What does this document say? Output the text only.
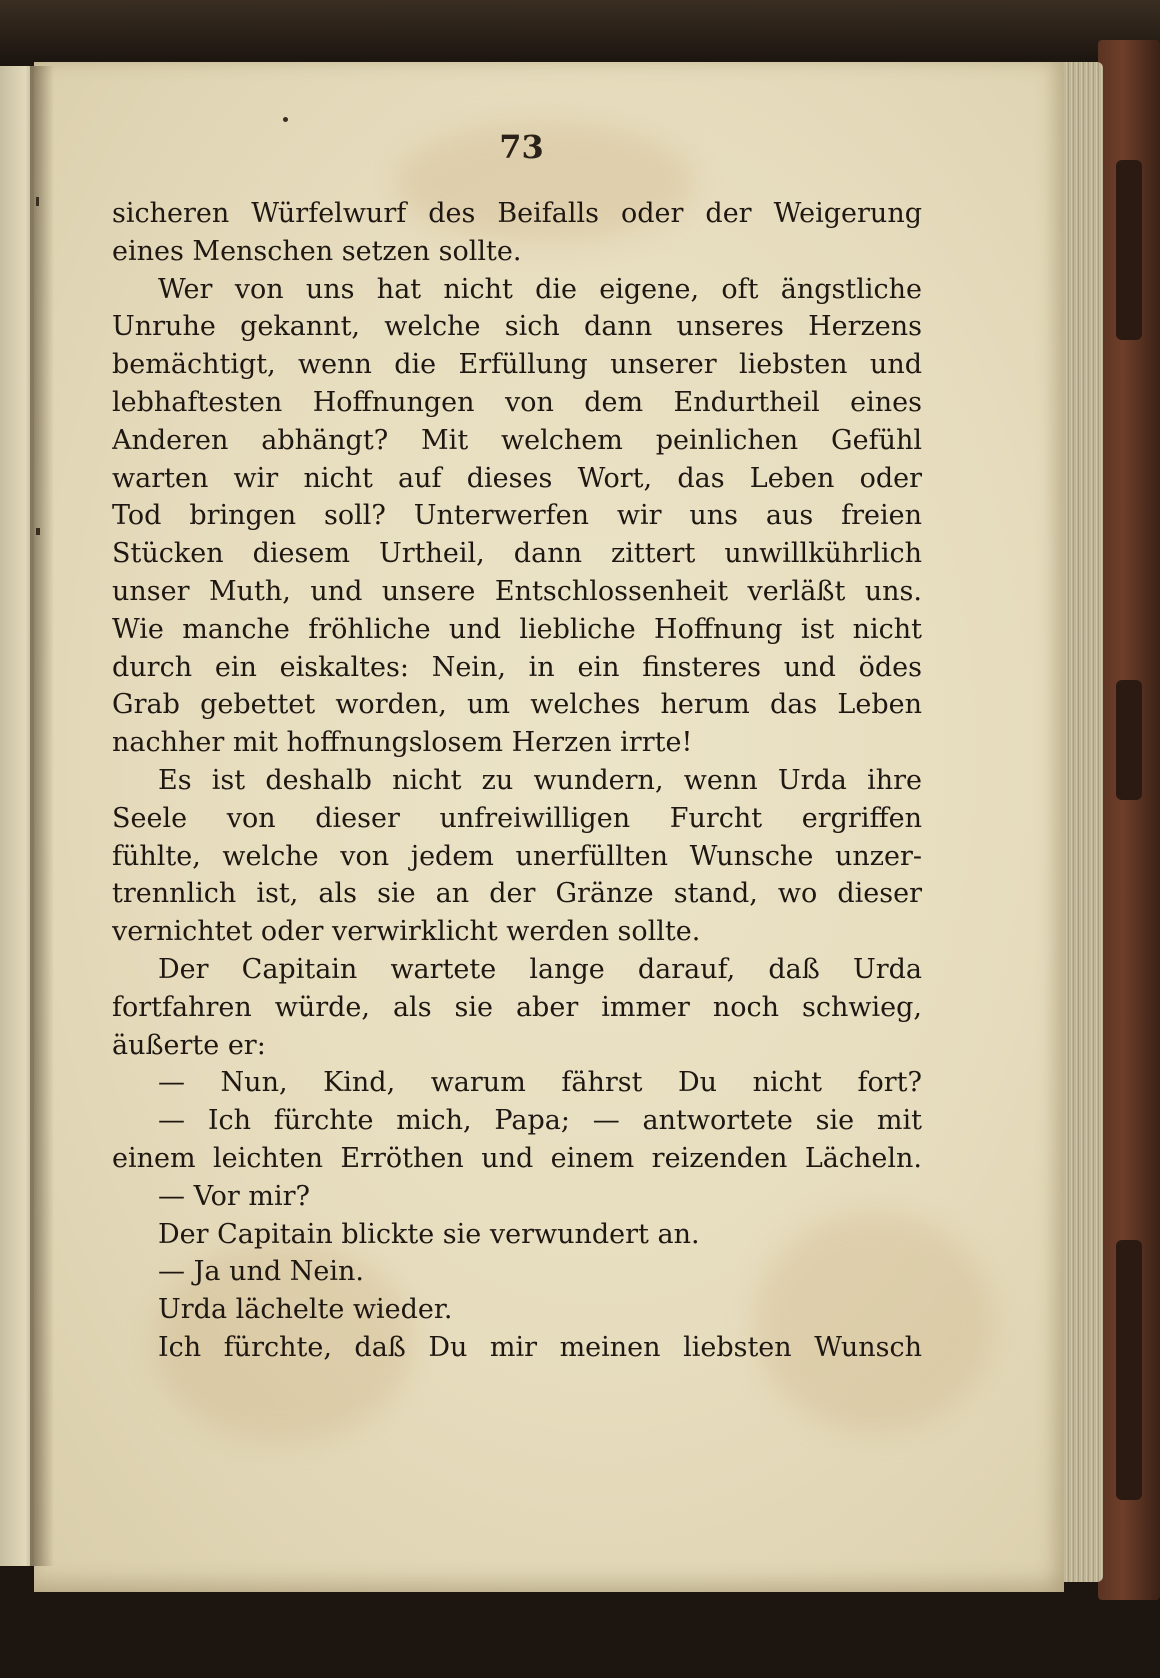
73
sicheren Würfelwurf des Beifalls oder der Weigerung
eines Menschen setzen sollte.
Wer von uns hat nicht die eigene, oft ängstliche
Unruhe gekannt, welche sich dann unseres Herzens
bemächtigt, wenn die Erfüllung unserer liebsten und
lebhaftesten Hoffnungen von dem Endurtheil eines
Anderen abhängt? Mit welchem peinlichen Gefühl
warten wir nicht auf dieses Wort, das Leben oder
Tod bringen soll? Unterwerfen wir uns aus freien
Stücken diesem Urtheil, dann zittert unwillkührlich
unser Muth, und unsere Entschlossenheit verläßt uns.
Wie manche fröhliche und liebliche Hoffnung ist nicht
durch ein eiskaltes: Nein, in ein finsteres und ödes
Grab gebettet worden, um welches herum das Leben
nachher mit hoffnungslosem Herzen irrte!
Es ist deshalb nicht zu wundern, wenn Urda ihre
Seele von dieser unfreiwilligen Furcht ergriffen
fühlte, welche von jedem unerfüllten Wunsche unzer-
trennlich ist, als sie an der Gränze stand, wo dieser
vernichtet oder verwirklicht werden sollte.
Der Capitain wartete lange darauf, daß Urda
fortfahren würde, als sie aber immer noch schwieg,
äußerte er:
— Nun, Kind, warum fährst Du nicht fort?
— Ich fürchte mich, Papa; — antwortete sie mit
einem leichten Erröthen und einem reizenden Lächeln.
— Vor mir?
Der Capitain blickte sie verwundert an.
— Ja und Nein.
Urda lächelte wieder.
Ich fürchte, daß Du mir meinen liebsten Wunsch
